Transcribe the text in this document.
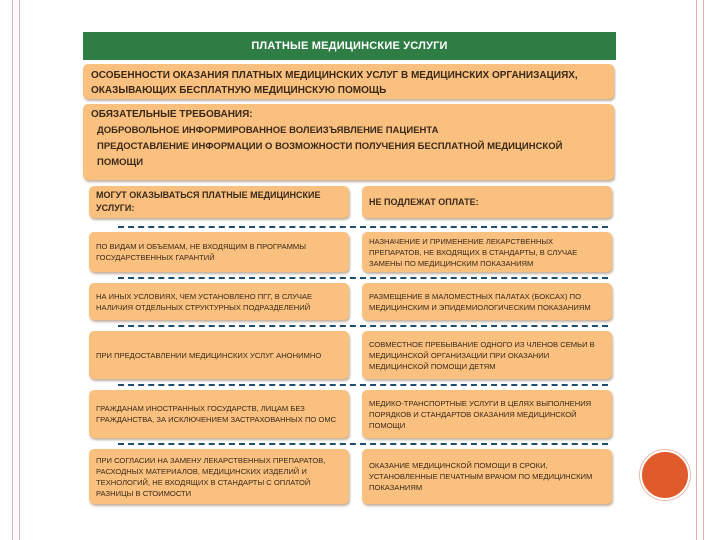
ПЛАТНЫЕ МЕДИЦИНСКИЕ УСЛУГИ
ОСОБЕННОСТИ ОКАЗАНИЯ ПЛАТНЫХ МЕДИЦИНСКИХ УСЛУГ В МЕДИЦИНСКИХ ОРГАНИЗАЦИЯХ, ОКАЗЫВАЮЩИХ БЕСПЛАТНУЮ МЕДИЦИНСКУЮ ПОМОЩЬ
ОБЯЗАТЕЛЬНЫЕ ТРЕБОВАНИЯ:
ДОБРОВОЛЬНОЕ ИНФОРМИРОВАННОЕ ВОЛЕИЗЪЯВЛЕНИЕ ПАЦИЕНТА
ПРЕДОСТАВЛЕНИЕ ИНФОРМАЦИИ О ВОЗМОЖНОСТИ ПОЛУЧЕНИЯ БЕСПЛАТНОЙ МЕДИЦИНСКОЙ ПОМОЩИ
МОГУТ ОКАЗЫВАТЬСЯ ПЛАТНЫЕ МЕДИЦИНСКИЕ УСЛУГИ:
НЕ ПОДЛЕЖАТ ОПЛАТЕ:
ПО ВИДАМ И ОБЪЕМАМ, НЕ ВХОДЯЩИМ В ПРОГРАММЫ ГОСУДАРСТВЕННЫХ ГАРАНТИЙ
НАЗНАЧЕНИЕ И ПРИМЕНЕНИЕ ЛЕКАРСТВЕННЫХ ПРЕПАРАТОВ, НЕ ВХОДЯЩИХ В СТАНДАРТЫ, В СЛУЧАЕ ЗАМЕНЫ ПО МЕДИЦИНСКИМ ПОКАЗАНИЯМ
НА ИНЫХ УСЛОВИЯХ, ЧЕМ УСТАНОВЛЕНО ПГГ, В СЛУЧАЕ НАЛИЧИЯ ОТДЕЛЬНЫХ СТРУКТУРНЫХ ПОДРАЗДЕЛЕНИЙ
РАЗМЕЩЕНИЕ В МАЛОМЕСТНЫХ ПАЛАТАХ (БОКСАХ) ПО МЕДИЦИНСКИМ И ЭПИДЕМИОЛОГИЧЕСКИМ ПОКАЗАНИЯМ
ПРИ ПРЕДОСТАВЛЕНИИ МЕДИЦИНСКИХ УСЛУГ АНОНИМНО
СОВМЕСТНОЕ ПРЕБЫВАНИЕ ОДНОГО ИЗ ЧЛЕНОВ СЕМЬИ В МЕДИЦИНСКОЙ ОРГАНИЗАЦИИ ПРИ ОКАЗАНИИ МЕДИЦИНСКОЙ ПОМОЩИ ДЕТЯМ
ГРАЖДАНАМ ИНОСТРАННЫХ ГОСУДАРСТВ, ЛИЦАМ БЕЗ ГРАЖДАНСТВА, ЗА ИСКЛЮЧЕНИЕМ ЗАСТРАХОВАННЫХ ПО ОМС
МЕДИКО-ТРАНСПОРТНЫЕ УСЛУГИ В ЦЕЛЯХ ВЫПОЛНЕНИЯ ПОРЯДКОВ И СТАНДАРТОВ ОКАЗАНИЯ МЕДИЦИНСКОЙ ПОМОЩИ
ПРИ СОГЛАСИИ НА ЗАМЕНУ ЛЕКАРСТВЕННЫХ ПРЕПАРАТОВ, РАСХОДНЫХ МАТЕРИАЛОВ, МЕДИЦИНСКИХ ИЗДЕЛИЙ И ТЕХНОЛОГИЙ, НЕ ВХОДЯЩИХ В СТАНДАРТЫ С ОПЛАТОЙ РАЗНИЦЫ В СТОИМОСТИ
ОКАЗАНИЕ МЕДИЦИНСКОЙ ПОМОЩИ В СРОКИ, УСТАНОВЛЕННЫЕ ПЕЧАТНЫМ ВРАЧОМ ПО МЕДИЦИНСКИМ ПОКАЗАНИЯМ
